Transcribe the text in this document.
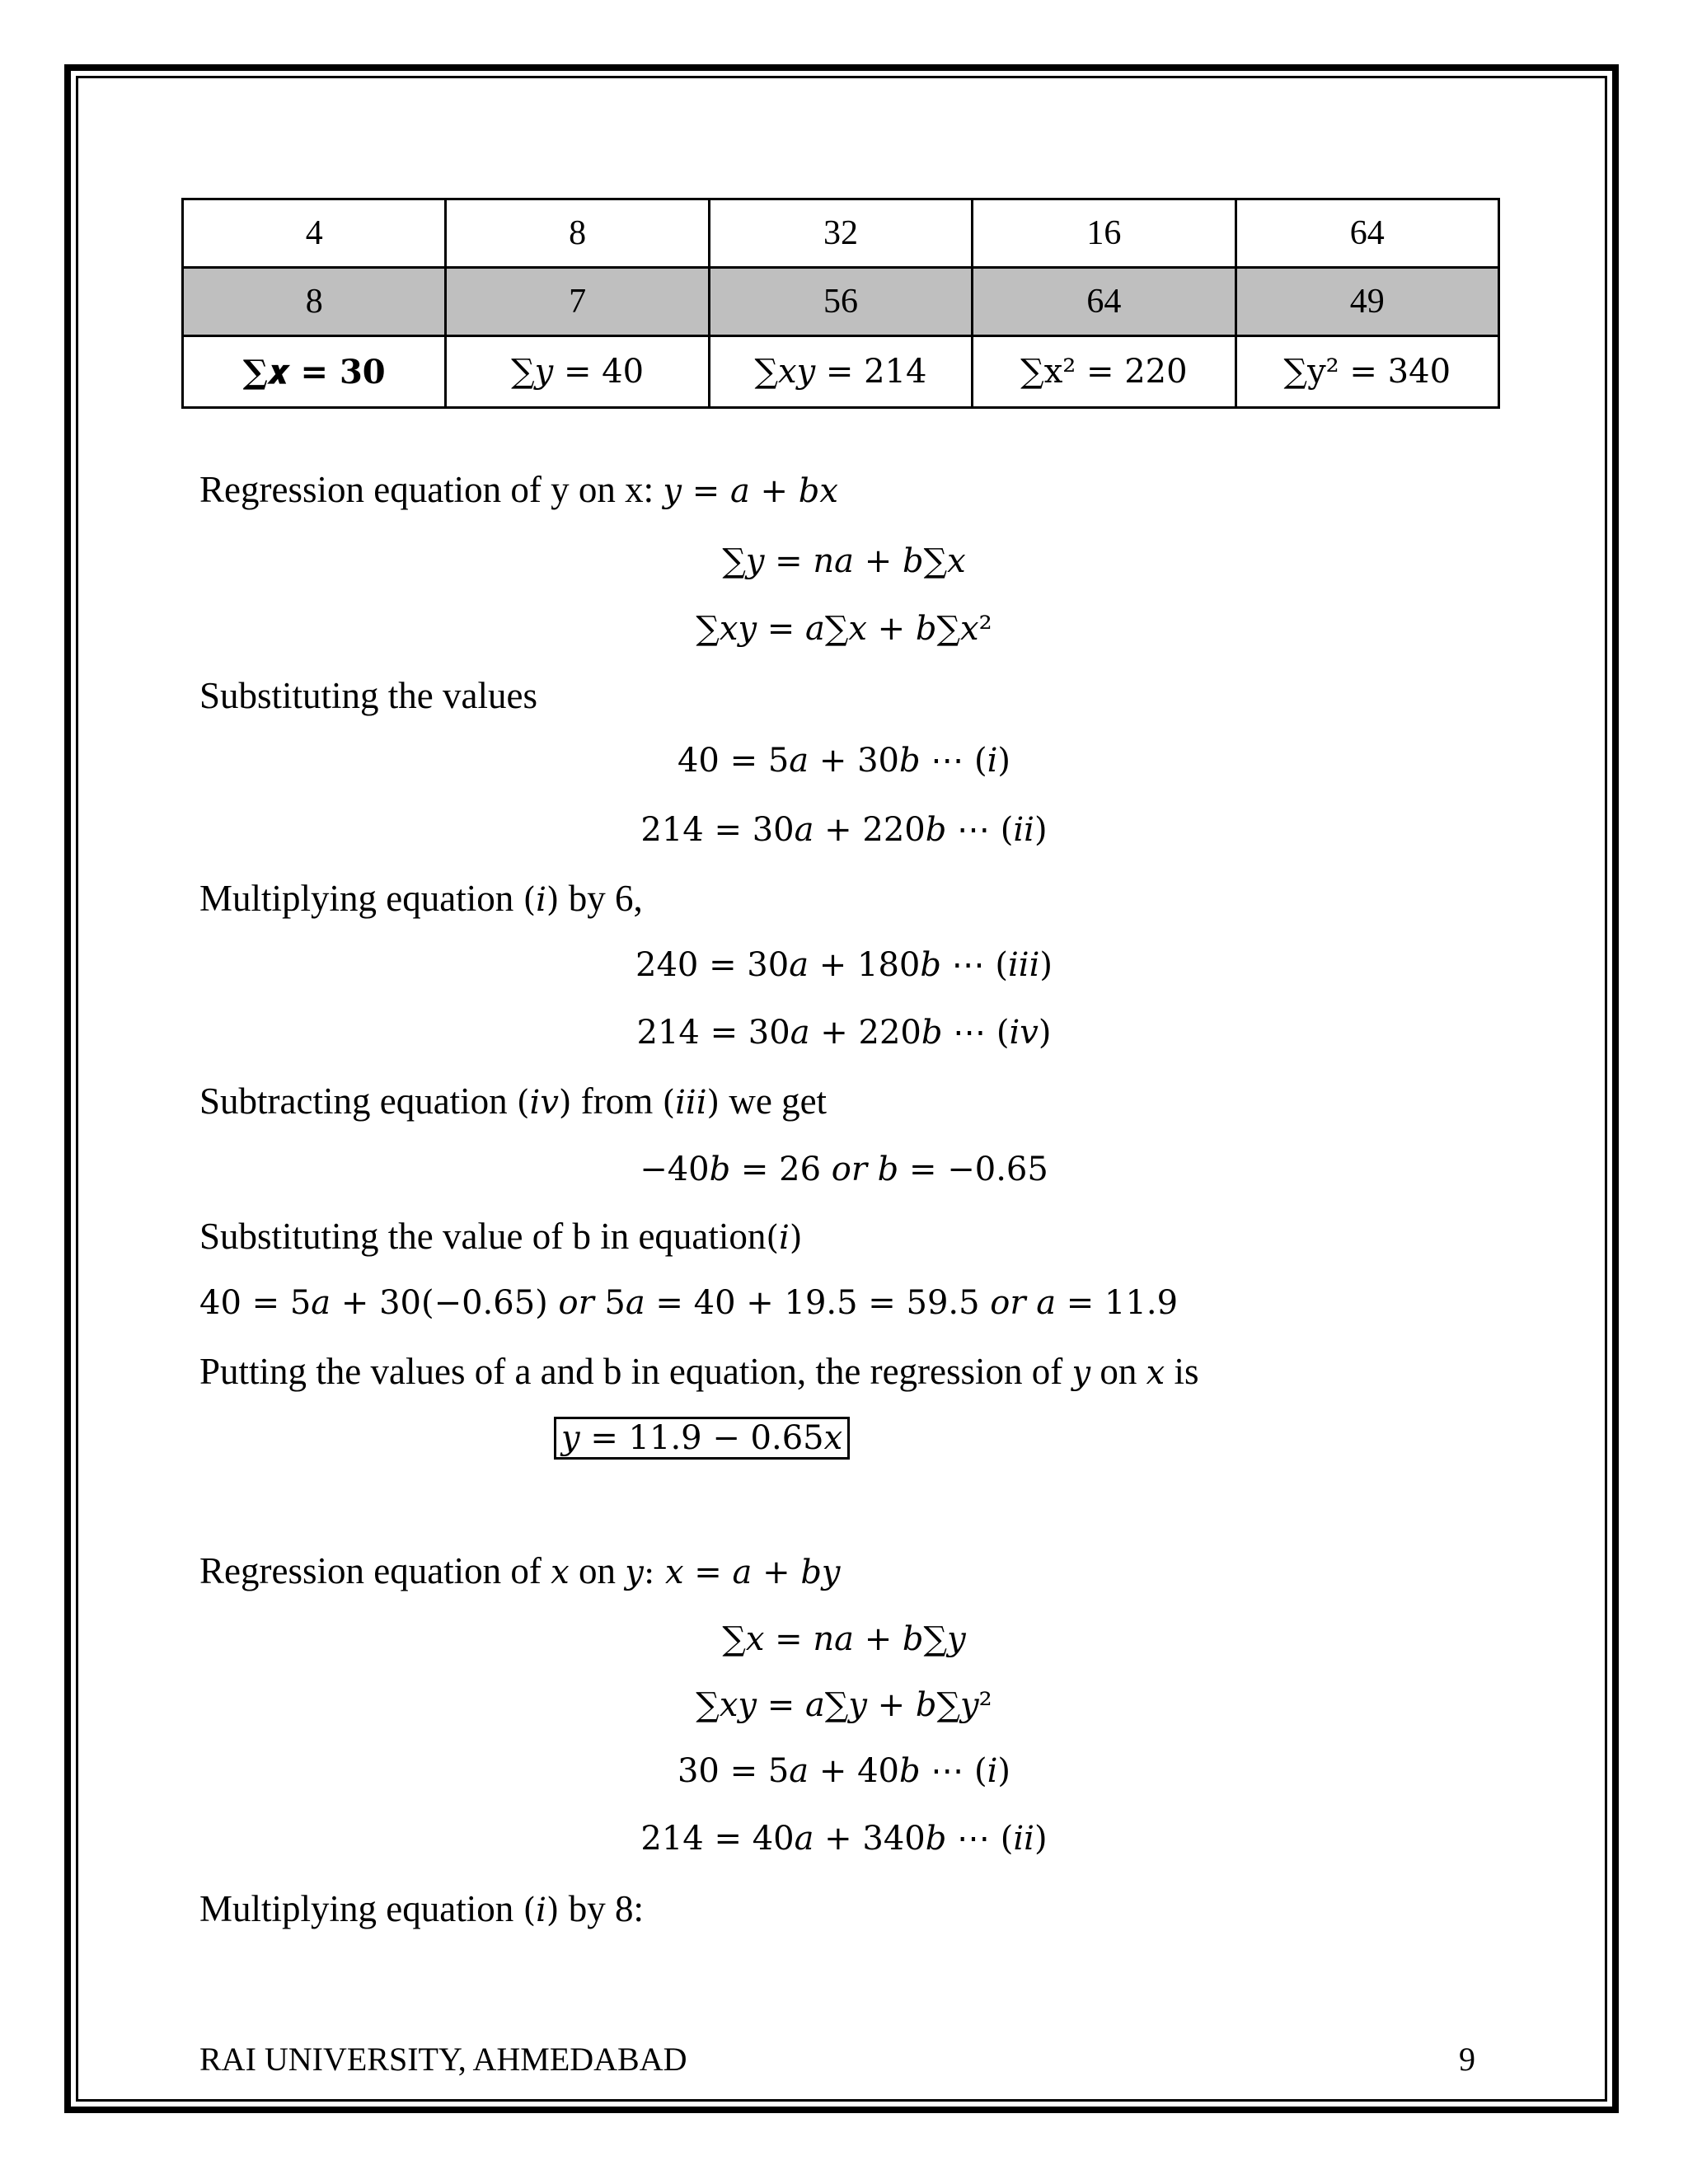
4	8	32	16	64
8	7	56	64	49
∑𝒙 = 𝟑𝟎	∑𝑦 = 40	∑𝑥𝑦 = 214	∑x² = 220	∑y² = 340
Regression equation of y on x: 𝑦 = 𝑎 + 𝑏𝑥
∑𝑦 = 𝑛𝑎 + 𝑏∑𝑥
∑𝑥𝑦 = 𝑎∑𝑥 + 𝑏∑𝑥²
Substituting the values
40 = 5𝑎 + 30𝑏 ⋯ (𝑖)
214 = 30𝑎 + 220𝑏 ⋯ (𝑖𝑖)
Multiplying equation (𝑖) by 6,
240 = 30𝑎 + 180𝑏 ⋯ (𝑖𝑖𝑖)
214 = 30𝑎 + 220𝑏 ⋯ (𝑖𝑣)
Subtracting equation (𝑖𝑣) from (𝑖𝑖𝑖) we get
−40𝑏 = 26 𝑜𝑟 𝑏 = −0.65
Substituting the value of b in equation(𝑖)
40 = 5𝑎 + 30(−0.65) 𝑜𝑟 5𝑎 = 40 + 19.5 = 59.5 𝑜𝑟 𝑎 = 11.9
Putting the values of a and b in equation, the regression of 𝑦 on 𝑥 is
𝑦 = 11.9 − 0.65𝑥
Regression equation of 𝑥 on 𝑦: 𝑥 = 𝑎 + 𝑏𝑦
∑𝑥 = 𝑛𝑎 + 𝑏∑𝑦
∑𝑥𝑦 = 𝑎∑𝑦 + 𝑏∑𝑦²
30 = 5𝑎 + 40𝑏 ⋯ (𝑖)
214 = 40𝑎 + 340𝑏 ⋯ (𝑖𝑖)
Multiplying equation (𝑖) by 8:
RAI UNIVERSITY, AHMEDABAD	9
